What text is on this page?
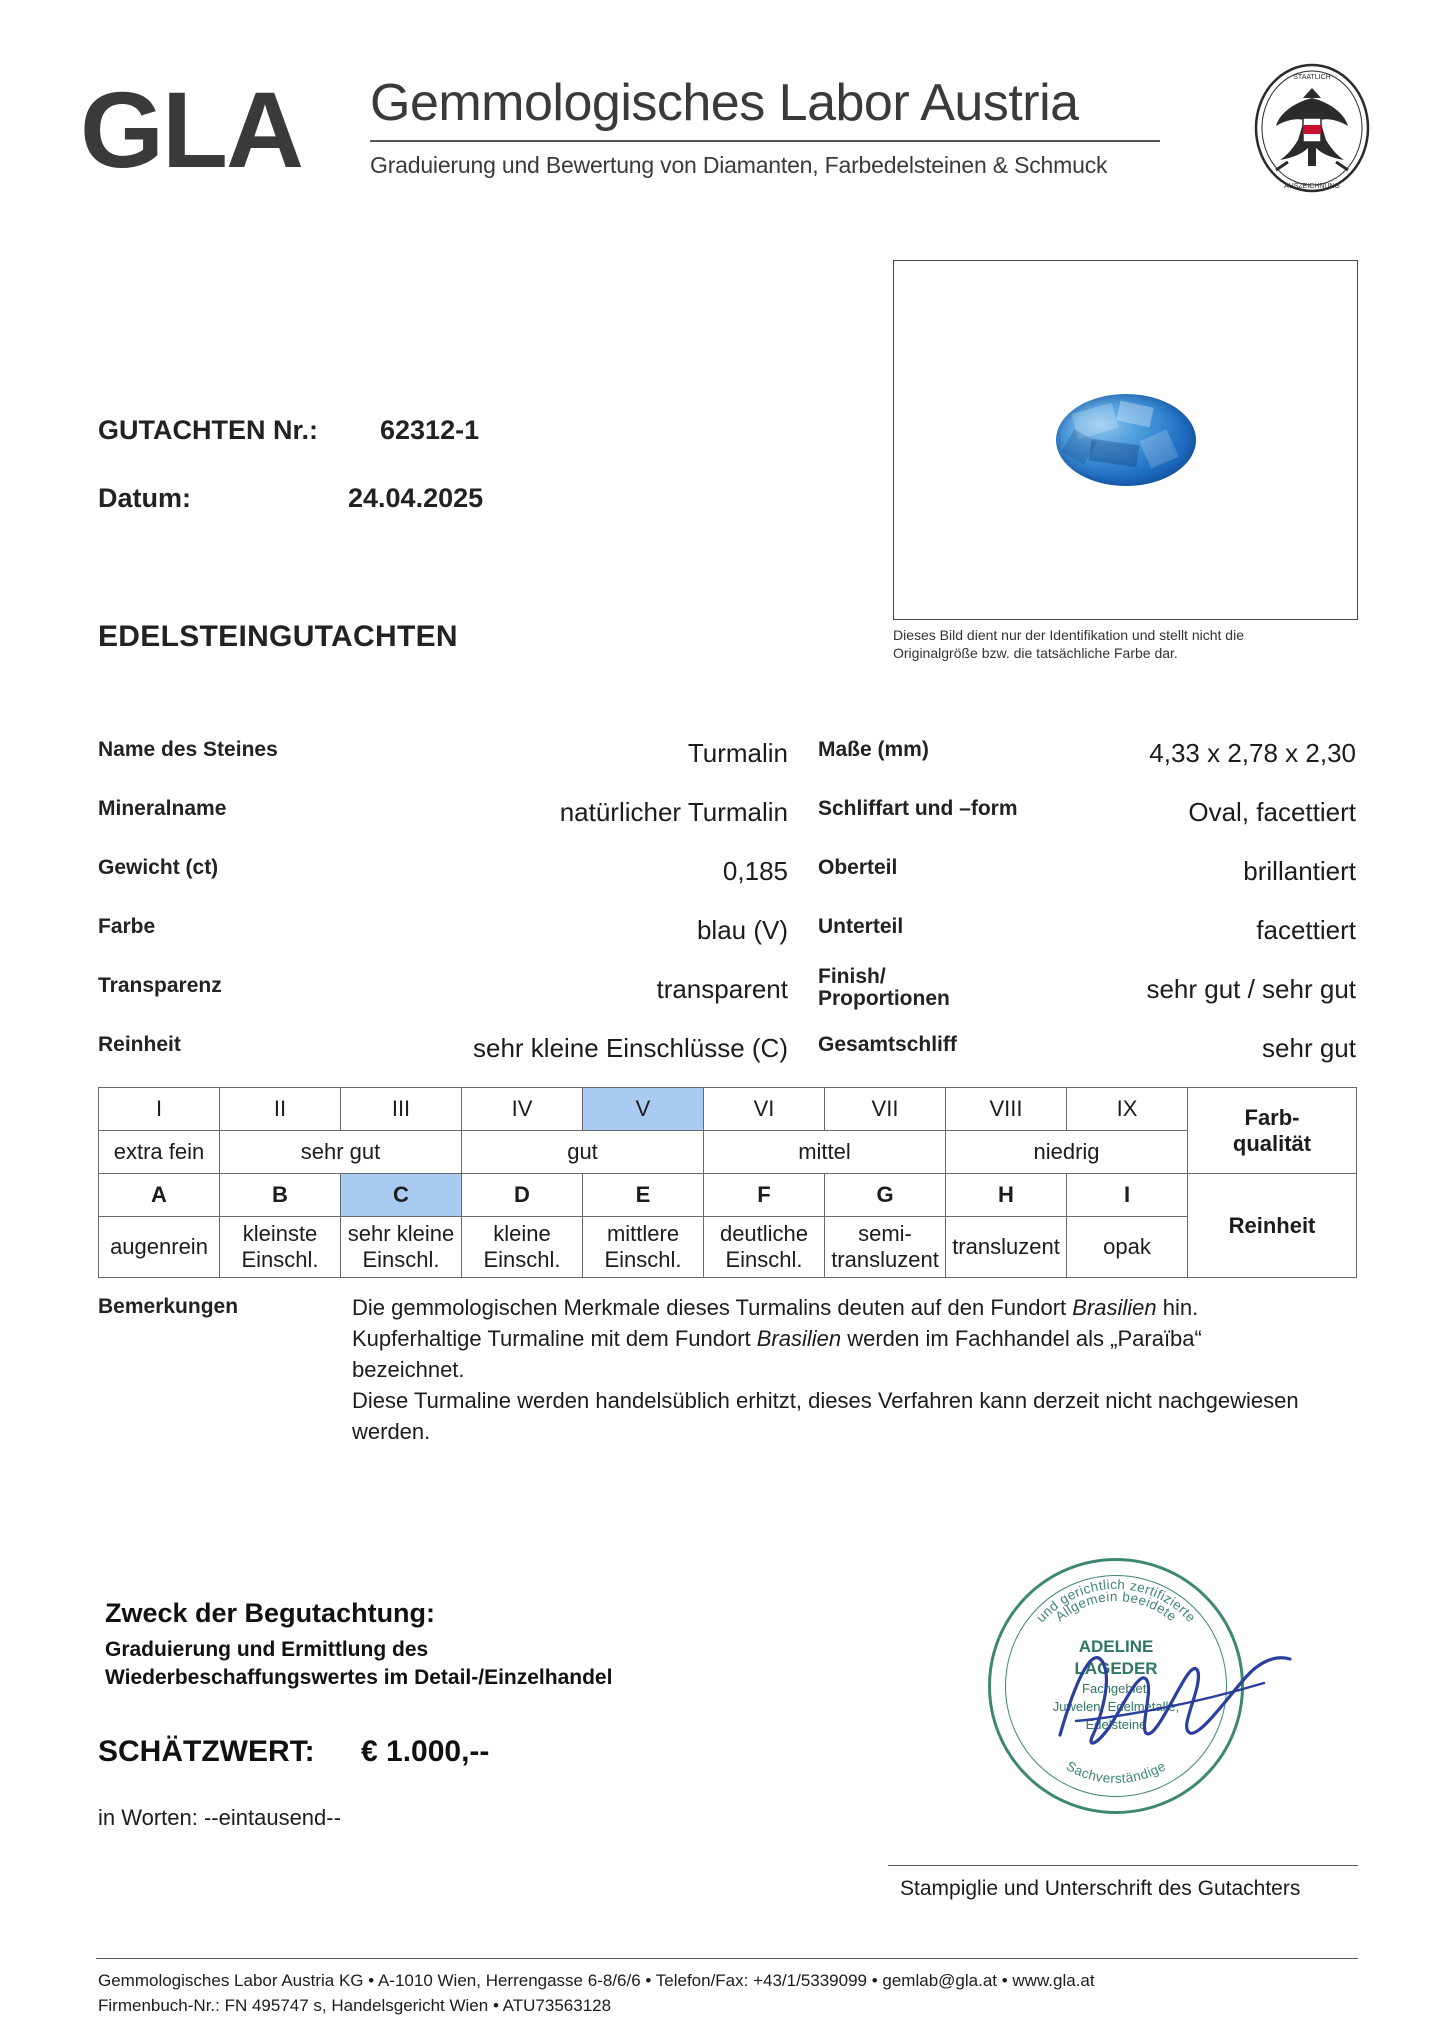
GLA Gemmologisches Labor Austria
Graduierung und Bewertung von Diamanten, Farbedelsteinen & Schmuck
STAATLICH
AUSZEICHNUNG
GUTACHTEN Nr.: 62312-1
Datum:	24.04.2025
EDELSTEINGUTACHTEN	Dieses Bild dient nur der Identifikation und stellt nicht die
Originalgröße bzw. die tatsächliche Farbe dar.
Name des Steines	Turmalin Maße (mm)	4,33 x 2,78 x 2,30
Mineralname	natürlicher Turmalin Schliffart und –form	Oval, facettiert
Gewicht (ct)	0,185 Oberteil	brillantiert
Farbe	blau (V) Unterteil	facettiert
Transparenz	transparent Finish/
Proportionen	sehr gut / sehr gut
Reinheit	sehr kleine Einschlüsse (C) Gesamtschliff	sehr gut
I	II	III	IV	V	VI	VII	VIII	IX	Farb-
qualität

extra fein	sehr gut		gut		mittel		niedrig		
A	B	C	D	E	F	G	H	I	Reinheit
augenrein	kleinste Einschl.	sehr kleine Einschl.	kleine Einschl.	mittlere Einschl.	deutliche Einschl.	semi-transluzent	transluzent	opak	
Bemerkungen	Die gemmologischen Merkmale dieses Turmalins deuten auf den Fundort Brasilien hin.
Kupferhaltige Turmaline mit dem Fundort Brasilien werden im Fachhandel als „Paraïba“ bezeichnet.
Diese Turmaline werden handelsüblich erhitzt, dieses Verfahren kann derzeit nicht nachgewiesen
werden.
Zweck der Begutachtung:
Graduierung und Ermittlung des
Wiederbeschaffungswertes im Detail-/Einzelhandel
SCHÄTZWERT: € 1.000,--
in Worten: --eintausend--
und gerichtlich zertifizierte
Allgemein beeidete
Sachverständige
ADELINE
LAGEDER
Fachgebiet:
Juwelen, Edelmetalle,
Edelsteine
Stampiglie und Unterschrift des Gutachters
Gemmologisches Labor Austria KG • A-1010 Wien, Herrengasse 6-8/6/6 • Telefon/Fax: +43/1/5339099 • gemlab@gla.at • www.gla.at
Firmenbuch-Nr.: FN 495747 s, Handelsgericht Wien • ATU73563128
